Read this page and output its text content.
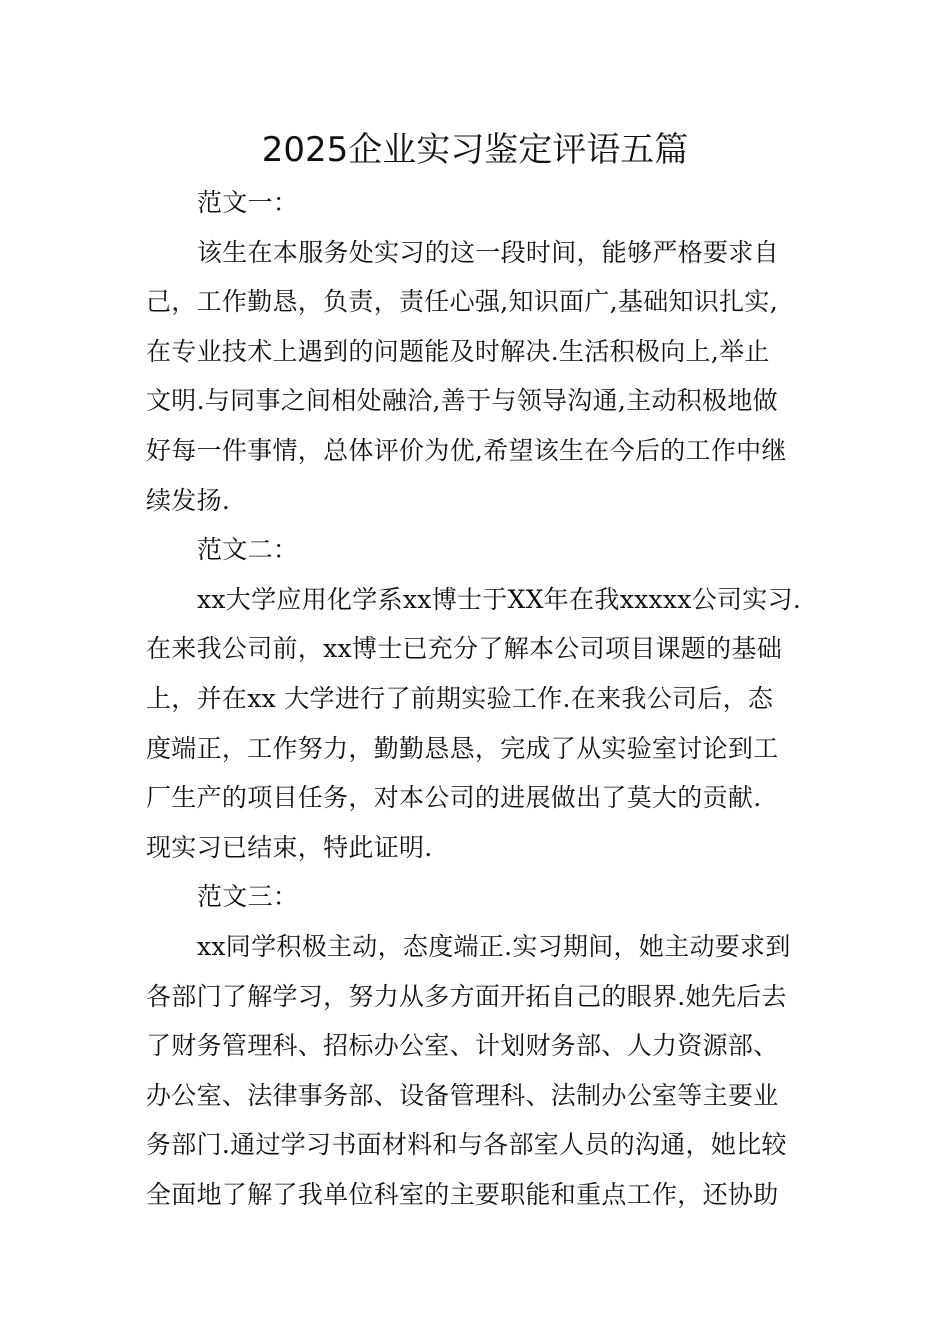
2025企业实习鉴定评语五篇
范文一：
该生在本服务处实习的这一段时间，能够严格要求自
己，工作勤恳，负责，责任心强,知识面广,基础知识扎实,
在专业技术上遇到的问题能及时解决.生活积极向上,举止
文明.与同事之间相处融洽,善于与领导沟通,主动积极地做
好每一件事情，总体评价为优,希望该生在今后的工作中继
续发扬.
范文二：
xx大学应用化学系xx博士于XX年在我xxxxx公司实习.
在来我公司前，xx博士已充分了解本公司项目课题的基础
上，并在xx 大学进行了前期实验工作.在来我公司后，态
度端正，工作努力，勤勤恳恳，完成了从实验室讨论到工
厂生产的项目任务，对本公司的进展做出了莫大的贡献.
现实习已结束，特此证明.
范文三：
xx同学积极主动，态度端正.实习期间，她主动要求到
各部门了解学习，努力从多方面开拓自己的眼界.她先后去
了财务管理科、招标办公室、计划财务部、人力资源部、
办公室、法律事务部、设备管理科、法制办公室等主要业
务部门.通过学习书面材料和与各部室人员的沟通，她比较
全面地了解了我单位科室的主要职能和重点工作，还协助
